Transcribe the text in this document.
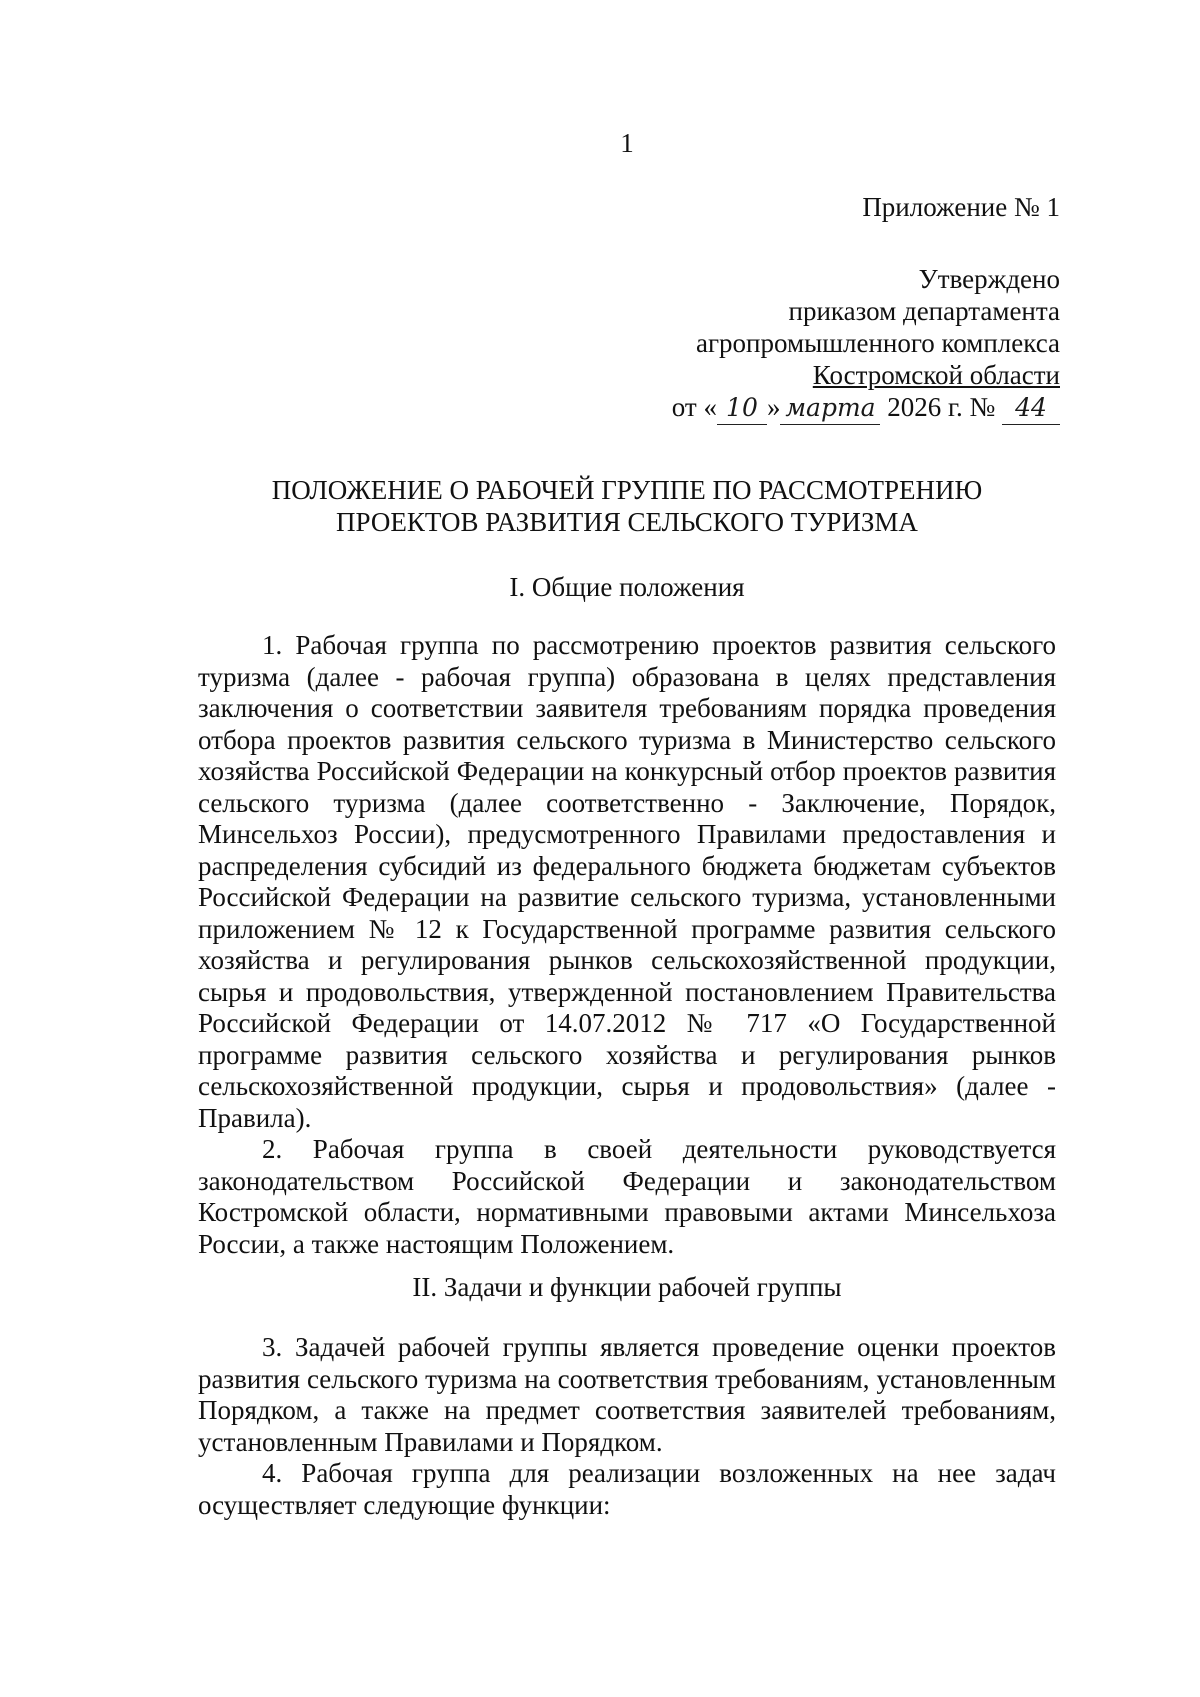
1
Приложение № 1
Утверждено
приказом департамента
агропромышленного комплекса
Костромской области
от « 10 » марта 2026 г. № 44
ПОЛОЖЕНИЕ О РАБОЧЕЙ ГРУППЕ ПО РАССМОТРЕНИЮ
ПРОЕКТОВ РАЗВИТИЯ СЕЛЬСКОГО ТУРИЗМА
I. Общие положения

1. Рабочая группа по рассмотрению проектов развития сельского туризма (далее - рабочая группа) образована в целях представления заключения о соответствии заявителя требованиям порядка проведения отбора проектов развития сельского туризма в Министерство сельского хозяйства Российской Федерации на конкурсный отбор проектов развития сельского туризма (далее соответственно - Заключение, Порядок, Минсельхоз России), предусмотренного Правилами предоставления и распределения субсидий из федерального бюджета бюджетам субъектов Российской Федерации на развитие сельского туризма, установленными приложением № 12 к Государственной программе развития сельского хозяйства и регулирования рынков сельскохозяйственной продукции, сырья и продовольствия, утвержденной постановлением Правительства Российской Федерации от 14.07.2012 № 717 «О Государственной программе развития сельского хозяйства и регулирования рынков сельскохозяйственной продукции, сырья и продовольствия» (далее - Правила).

2. Рабочая группа в своей деятельности руководствуется законодательством Российской Федерации и законодательством Костромской области, нормативными правовыми актами Минсельхоза России, а также настоящим Положением.

II. Задачи и функции рабочей группы

3. Задачей рабочей группы является проведение оценки проектов развития сельского туризма на соответствия требованиям, установленным Порядком, а также на предмет соответствия заявителей требованиям, установленным Правилами и Порядком.

4. Рабочая группа для реализации возложенных на нее задач осуществляет следующие функции:
